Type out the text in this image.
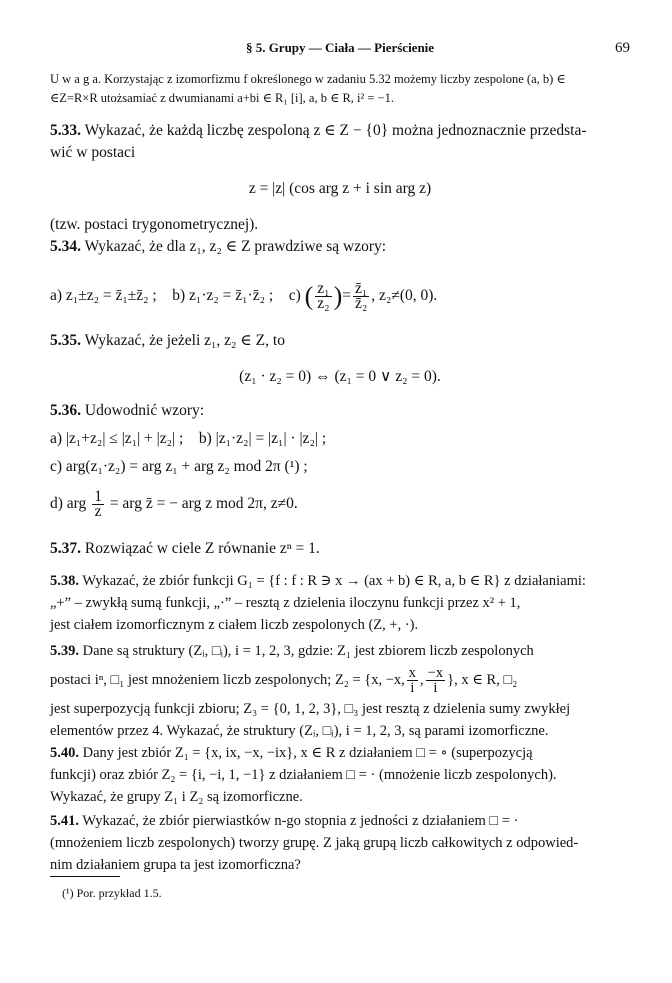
§ 5. Grupy — Ciała — Pierścienie	69
U w a g a. Korzystając z izomorfizmu f określonego w zadaniu 5.32 możemy liczby zespolone (a, b) ∈
∈Z=R×R utożsamiać z dwumianami a+bi ∈ R₁ [i], a, b ∈ R, i² = −1.
5.33. Wykazać, że każdą liczbę zespoloną z ∈ Z − {0} można jednoznacznie przedsta-
wić w postaci
z = |z| (cos arg z + i sin arg z)
(tzw. postaci trygonometrycznej).
5.34. Wykazać, że dla z₁, z₂ ∈ Z prawdziwe są wzory:
a) z₁±z₂ = z̄₁±z̄₂ ; b) z₁·z₂ = z̄₁·z̄₂ ; c) ( $\frac{\text{z₁}}{\text{z₂}}$ )= $\frac{\text{z̄₁}}{\text{z̄₂}}$ , z₂≠(0, 0).
5.35. Wykazać, że jeżeli z₁, z₂ ∈ Z, to
(z₁ · z₂ = 0) ⇔ (z₁ = 0 ∨ z₂ = 0).
5.36. Udowodnić wzory:
a) |z₁+z₂| ≤ |z₁| + |z₂| ; b) |z₁·z₂| = |z₁| · |z₂| ;
c) arg(z₁·z₂) = arg z₁ + arg z₂ mod 2π (¹) ;
d) arg $\frac{1}{z}$ = arg z̄ = − arg z mod 2π, z≠0.
5.37. Rozwiązać w ciele Z równanie zⁿ = 1.
5.38. Wykazać, że zbiór funkcji G₁ = {f : f : R ∋ x → (ax + b) ∈ R, a, b ∈ R} z działaniami:
„+” – zwykłą sumą funkcji, „·” – resztą z dzielenia iloczynu funkcji przez x² + 1,
jest ciałem izomorficznym z ciałem liczb zespolonych (Z, +, ·).
5.39. Dane są struktury (Zᵢ, □ᵢ), i = 1, 2, 3, gdzie: Z₁ jest zbiorem liczb zespolonych
postaci iⁿ, □₁ jest mnożeniem liczb zespolonych; Z₂ = {x, −x, $\frac{x}{i}$ , $\frac{-x}{i}$ }, x ∈ R, □₂
jest superpozycją funkcji zbioru; Z₃ = {0, 1, 2, 3}, □₃ jest resztą z dzielenia sumy zwykłej
elementów przez 4. Wykazać, że struktury (Zᵢ, □ᵢ), i = 1, 2, 3, są parami izomorficzne.
5.40. Dany jest zbiór Z₁ = {x, ix, −x, −ix}, x ∈ R z działaniem □ = ∘ (superpozycją
funkcji) oraz zbiór Z₂ = {i, −i, 1, −1} z działaniem □ = · (mnożenie liczb zespolonych).
Wykazać, że grupy Z₁ i Z₂ są izomorficzne.
5.41. Wykazać, że zbiór pierwiastków n-go stopnia z jedności z działaniem □ = ·
(mnożeniem liczb zespolonych) tworzy grupę. Z jaką grupą liczb całkowitych z odpowied-
nim działaniem grupa ta jest izomorficzna?
(¹) Por. przykład 1.5.
